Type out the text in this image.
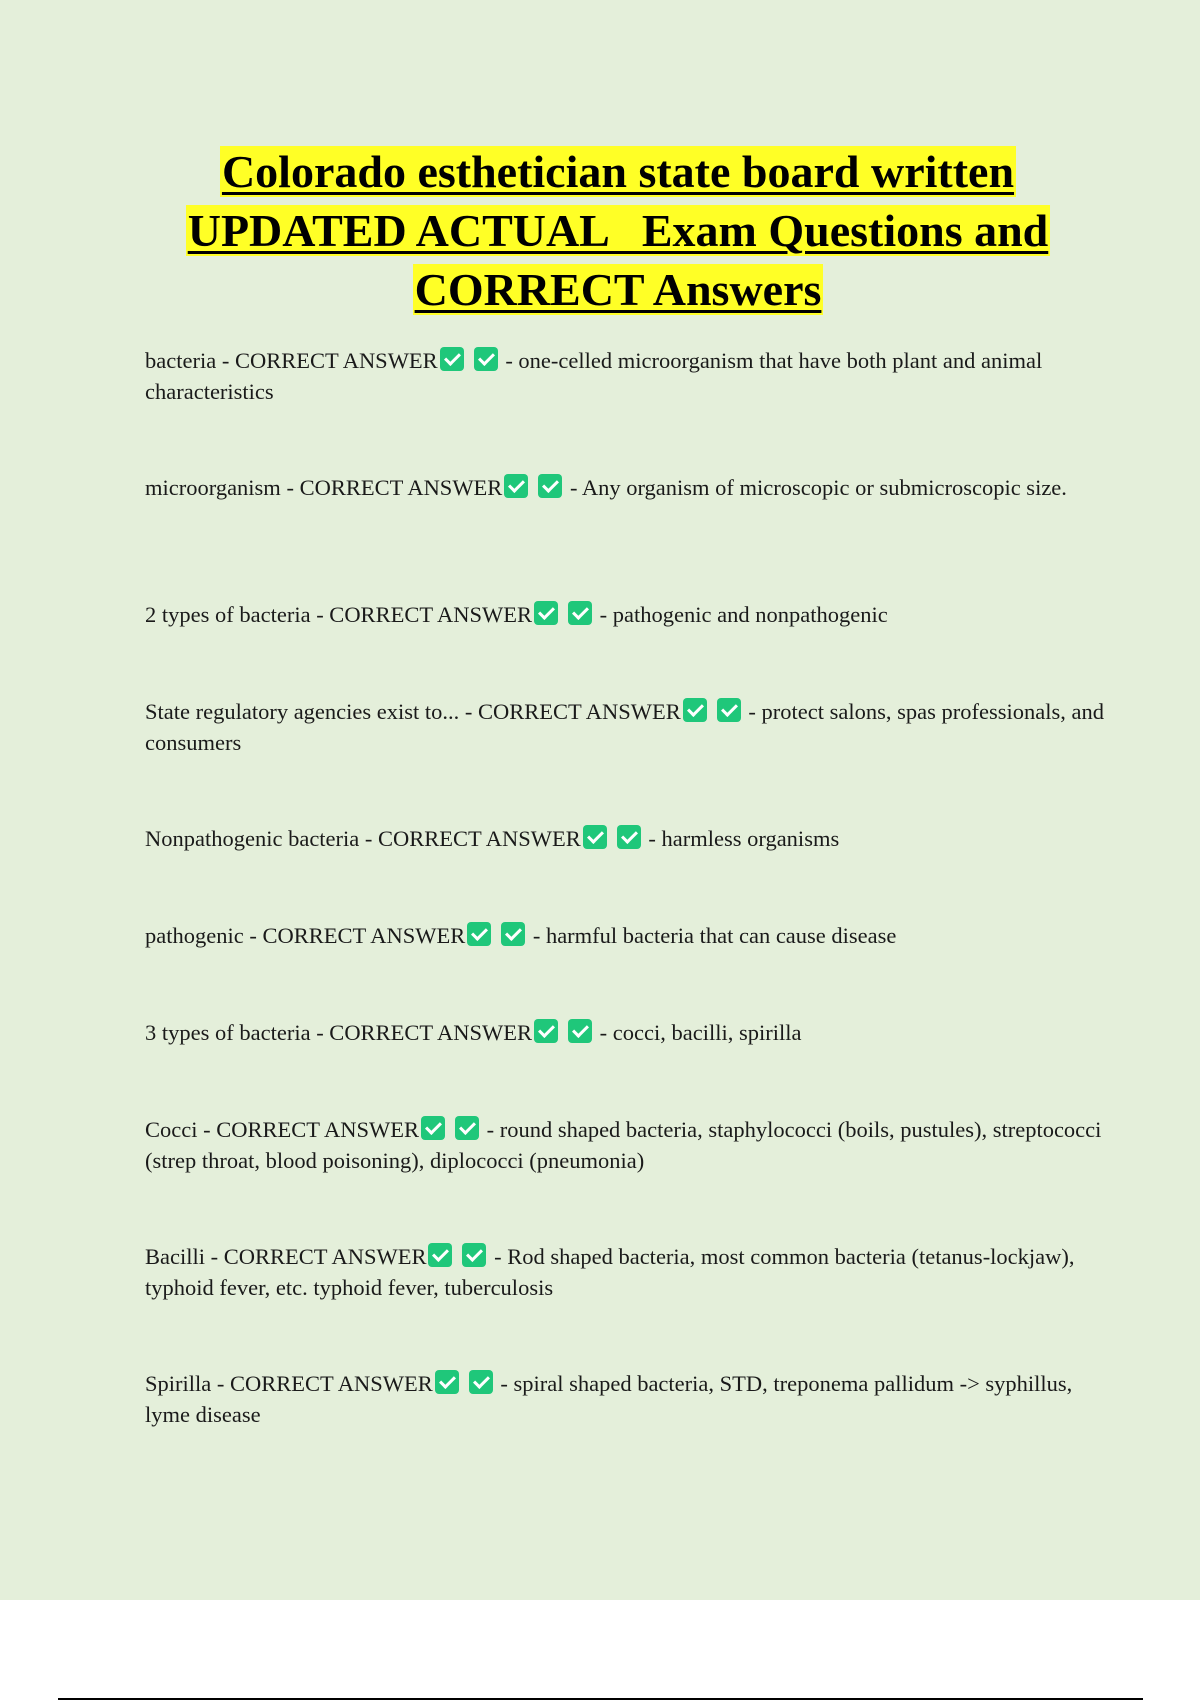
Colorado esthetician state board written
UPDATED ACTUAL   Exam Questions and
CORRECT Answers
bacteria - CORRECT ANSWER	- one-celled microorganism that have both plant and animal characteristics
microorganism - CORRECT ANSWER	- Any organism of microscopic or submicroscopic size.
2 types of bacteria - CORRECT ANSWER	- pathogenic and nonpathogenic
State regulatory agencies exist to... - CORRECT ANSWER	- protect salons, spas professionals, and consumers
Nonpathogenic bacteria - CORRECT ANSWER	- harmless organisms
pathogenic - CORRECT ANSWER	- harmful bacteria that can cause disease
3 types of bacteria - CORRECT ANSWER	- cocci, bacilli, spirilla
Cocci - CORRECT ANSWER	- round shaped bacteria, staphylococci (boils, pustules), streptococci (strep throat, blood poisoning), diplococci (pneumonia)
Bacilli - CORRECT ANSWER	- Rod shaped bacteria, most common bacteria (tetanus-lockjaw), typhoid fever, etc. typhoid fever, tuberculosis
Spirilla - CORRECT ANSWER	- spiral shaped bacteria, STD, treponema pallidum -> syphillus, lyme disease
